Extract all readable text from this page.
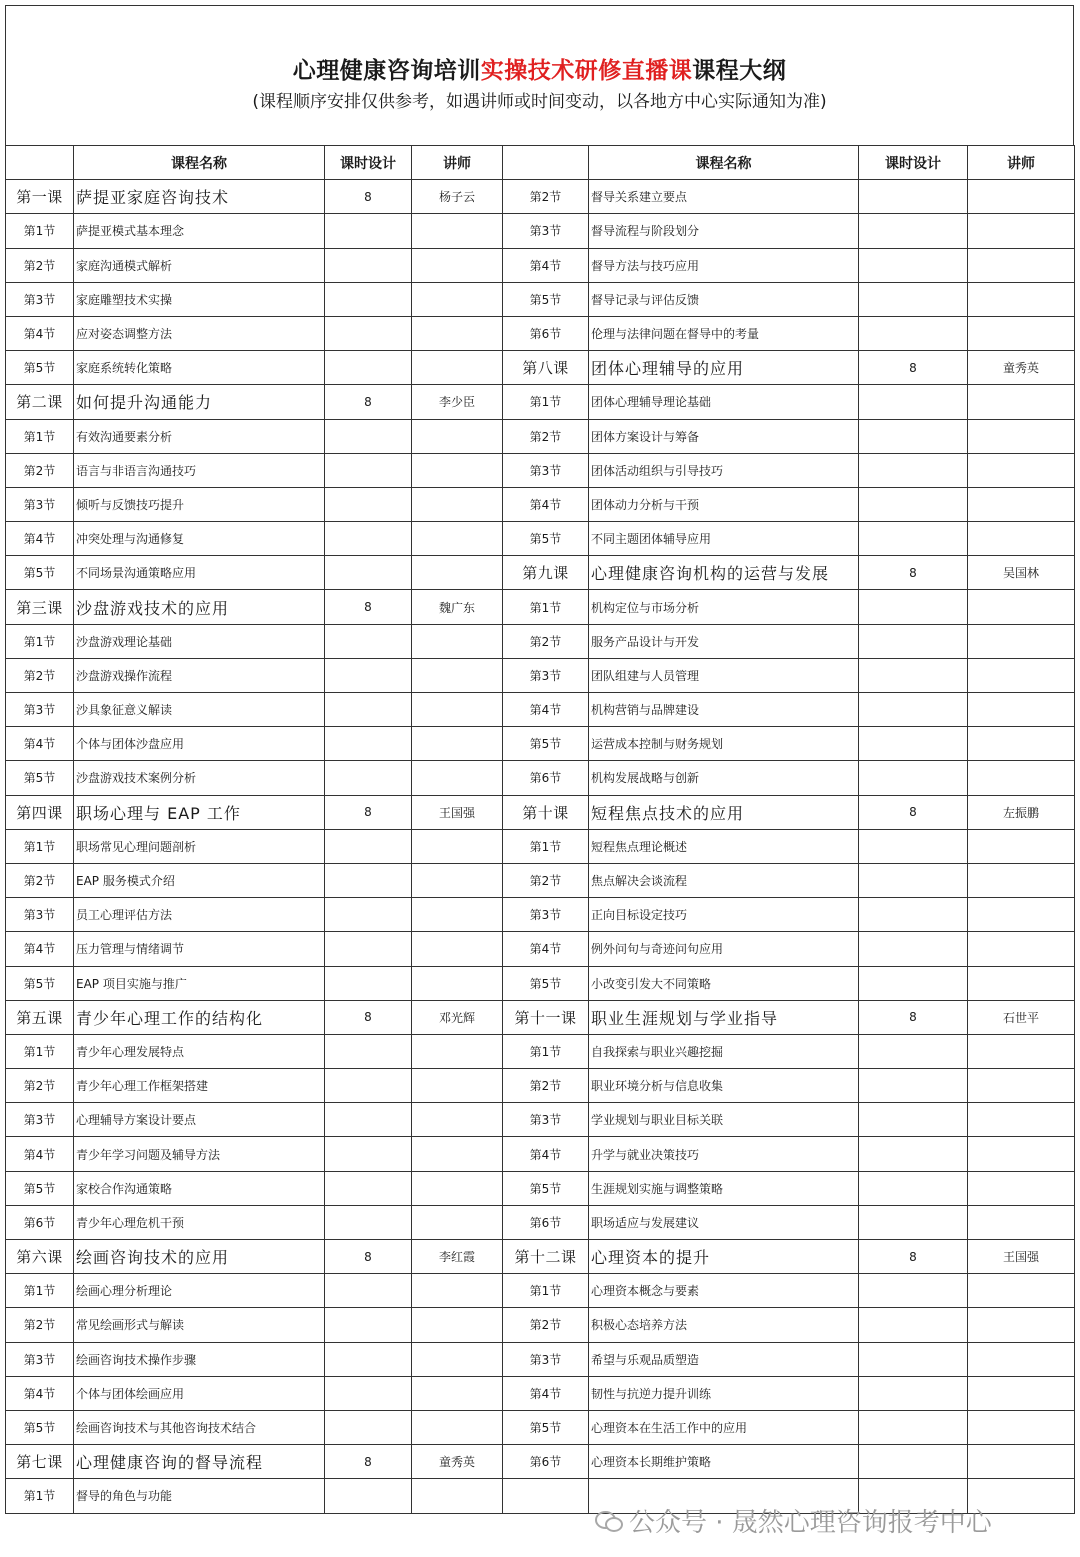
心理健康咨询培训实操技术研修直播课课程大纲
(课程顺序安排仅供参考，如遇讲师或时间变动，以各地方中心实际通知为准)
	课程名称	课时设计	讲师		课程名称	课时设计	讲师
第一课	萨提亚家庭咨询技术	8	杨子云	第2节	督导关系建立要点		
第1节	萨提亚模式基本理念			第3节	督导流程与阶段划分		
第2节	家庭沟通模式解析			第4节	督导方法与技巧应用		
第3节	家庭雕塑技术实操			第5节	督导记录与评估反馈		
第4节	应对姿态调整方法			第6节	伦理与法律问题在督导中的考量		
第5节	家庭系统转化策略			第八课	团体心理辅导的应用	8	童秀英
第二课	如何提升沟通能力	8	李少臣	第1节	团体心理辅导理论基础		
第1节	有效沟通要素分析			第2节	团体方案设计与筹备		
第2节	语言与非语言沟通技巧			第3节	团体活动组织与引导技巧		
第3节	倾听与反馈技巧提升			第4节	团体动力分析与干预		
第4节	冲突处理与沟通修复			第5节	不同主题团体辅导应用		
第5节	不同场景沟通策略应用			第九课	心理健康咨询机构的运营与发展	8	吴国林
第三课	沙盘游戏技术的应用	8	魏广东	第1节	机构定位与市场分析		
第1节	沙盘游戏理论基础			第2节	服务产品设计与开发		
第2节	沙盘游戏操作流程			第3节	团队组建与人员管理		
第3节	沙具象征意义解读			第4节	机构营销与品牌建设		
第4节	个体与团体沙盘应用			第5节	运营成本控制与财务规划		
第5节	沙盘游戏技术案例分析			第6节	机构发展战略与创新		
第四课	职场心理与 EAP 工作	8	王国强	第十课	短程焦点技术的应用	8	左振鹏
第1节	职场常见心理问题剖析			第1节	短程焦点理论概述		
第2节	EAP 服务模式介绍			第2节	焦点解决会谈流程		
第3节	员工心理评估方法			第3节	正向目标设定技巧		
第4节	压力管理与情绪调节			第4节	例外问句与奇迹问句应用		
第5节	EAP 项目实施与推广			第5节	小改变引发大不同策略		
第五课	青少年心理工作的结构化	8	邓光辉	第十一课	职业生涯规划与学业指导	8	石世平
第1节	青少年心理发展特点			第1节	自我探索与职业兴趣挖掘		
第2节	青少年心理工作框架搭建			第2节	职业环境分析与信息收集		
第3节	心理辅导方案设计要点			第3节	学业规划与职业目标关联		
第4节	青少年学习问题及辅导方法			第4节	升学与就业决策技巧		
第5节	家校合作沟通策略			第5节	生涯规划实施与调整策略		
第6节	青少年心理危机干预			第6节	职场适应与发展建议		
第六课	绘画咨询技术的应用	8	李红霞	第十二课	心理资本的提升	8	王国强
第1节	绘画心理分析理论			第1节	心理资本概念与要素		
第2节	常见绘画形式与解读			第2节	积极心态培养方法		
第3节	绘画咨询技术操作步骤			第3节	希望与乐观品质塑造		
第4节	个体与团体绘画应用			第4节	韧性与抗逆力提升训练		
第5节	绘画咨询技术与其他咨询技术结合			第5节	心理资本在生活工作中的应用		
第七课	心理健康咨询的督导流程	8	童秀英	第6节	心理资本长期维护策略		
第1节	督导的角色与功能						
公众号 · 晟然心理咨询报考中心
